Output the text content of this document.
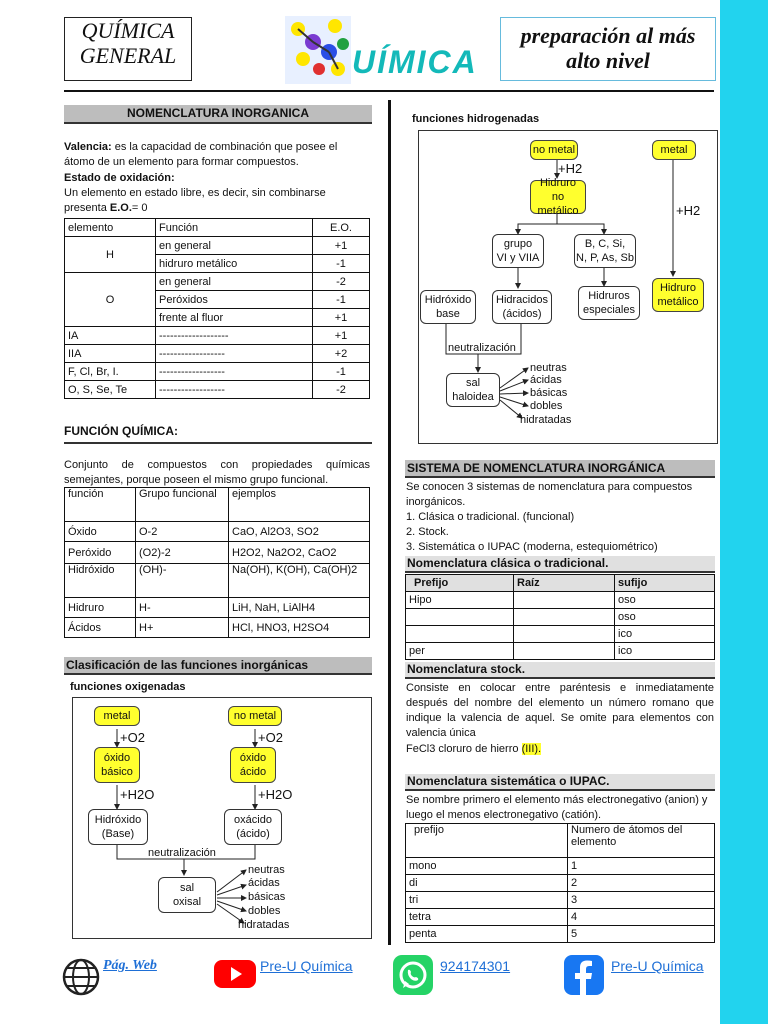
QUÍMICA
GENERAL	UÍMICA
preparación al más
alto nivel
NOMENCLATURA INORGANICA
Valencia: es la capacidad de combinación que posee el átomo de un elemento para formar compuestos.
Estado de oxidación:
Un elemento en estado libre, es decir, sin combinarse presenta E.O.= 0
elemento	Función	E.O.
H	en general	+1
	hidruro metálico	-1
O	en general	-2
	Peróxidos	-1
	frente al fluor	+1
IA	-------------------	+1
IIA	------------------	+2
F, Cl, Br, I.	------------------	-1
O, S, Se, Te	------------------	-2
FUNCIÓN QUÍMICA:
Conjunto de compuestos con propiedades químicas semejantes, porque poseen el mismo grupo funcional.
función	Grupo funcional	ejemplos
Óxido	O-2	CaO, Al2O3, SO2
Peróxido	(O2)-2	H2O2, Na2O2, CaO2
Hidróxido	(OH)-	Na(OH), K(OH), Ca(OH)2
Hidruro	H-	LiH, NaH, LiAlH4
Ácidos	H+	HCl, HNO3, H2SO4
Clasificación de las funciones inorgánicas
funciones oxigenadas
metal	no metal
+O2	+O2
óxido
básico
óxido
ácido
+H2O	+H2O
Hidróxido
(Base)
oxácido
(ácido)
neutralización
sal
oxisal
neutras
ácidas
básicas
dobles
hidratadas
funciones hidrogenadas
no metal	metal
+H2
+H2
Hidruro
no metálico
grupo
VI y VIIA
B, C, Si,
N, P, As, Sb
Hidruro
metálico
Hidróxido
base
Hidracidos
(ácidos)
Hidruros
especiales
neutralización
sal
haloidea
neutras
ácidas
básicas
dobles
hidratadas
SISTEMA DE NOMENCLATURA INORGÁNICA
Se conocen 3 sistemas de nomenclatura para compuestos inorgánicos.
1. Clásica o tradicional. (funcional)
2. Stock.
3. Sistemática o IUPAC (moderna, estequiométrico)
Nomenclatura clásica o tradicional.
Prefijo	Raíz	sufijo
Hipo		oso
		oso
		ico
per		ico
Nomenclatura stock.
Consiste en colocar entre paréntesis e inmediatamente después del nombre del elemento un número romano que indique la valencia de aquel. Se omite para elementos con valencia única
FeCl3 cloruro de hierro (III).
Nomenclatura sistemática o IUPAC.
Se nombre primero el elemento más electronegativo (anion) y luego el menos electronegativo (catión).
prefijo	Numero de átomos del elemento
mono	1
di	2
tri	3
tetra	4
penta	5
Pág. Web	Pre-U Química	924174301	Pre-U Química
